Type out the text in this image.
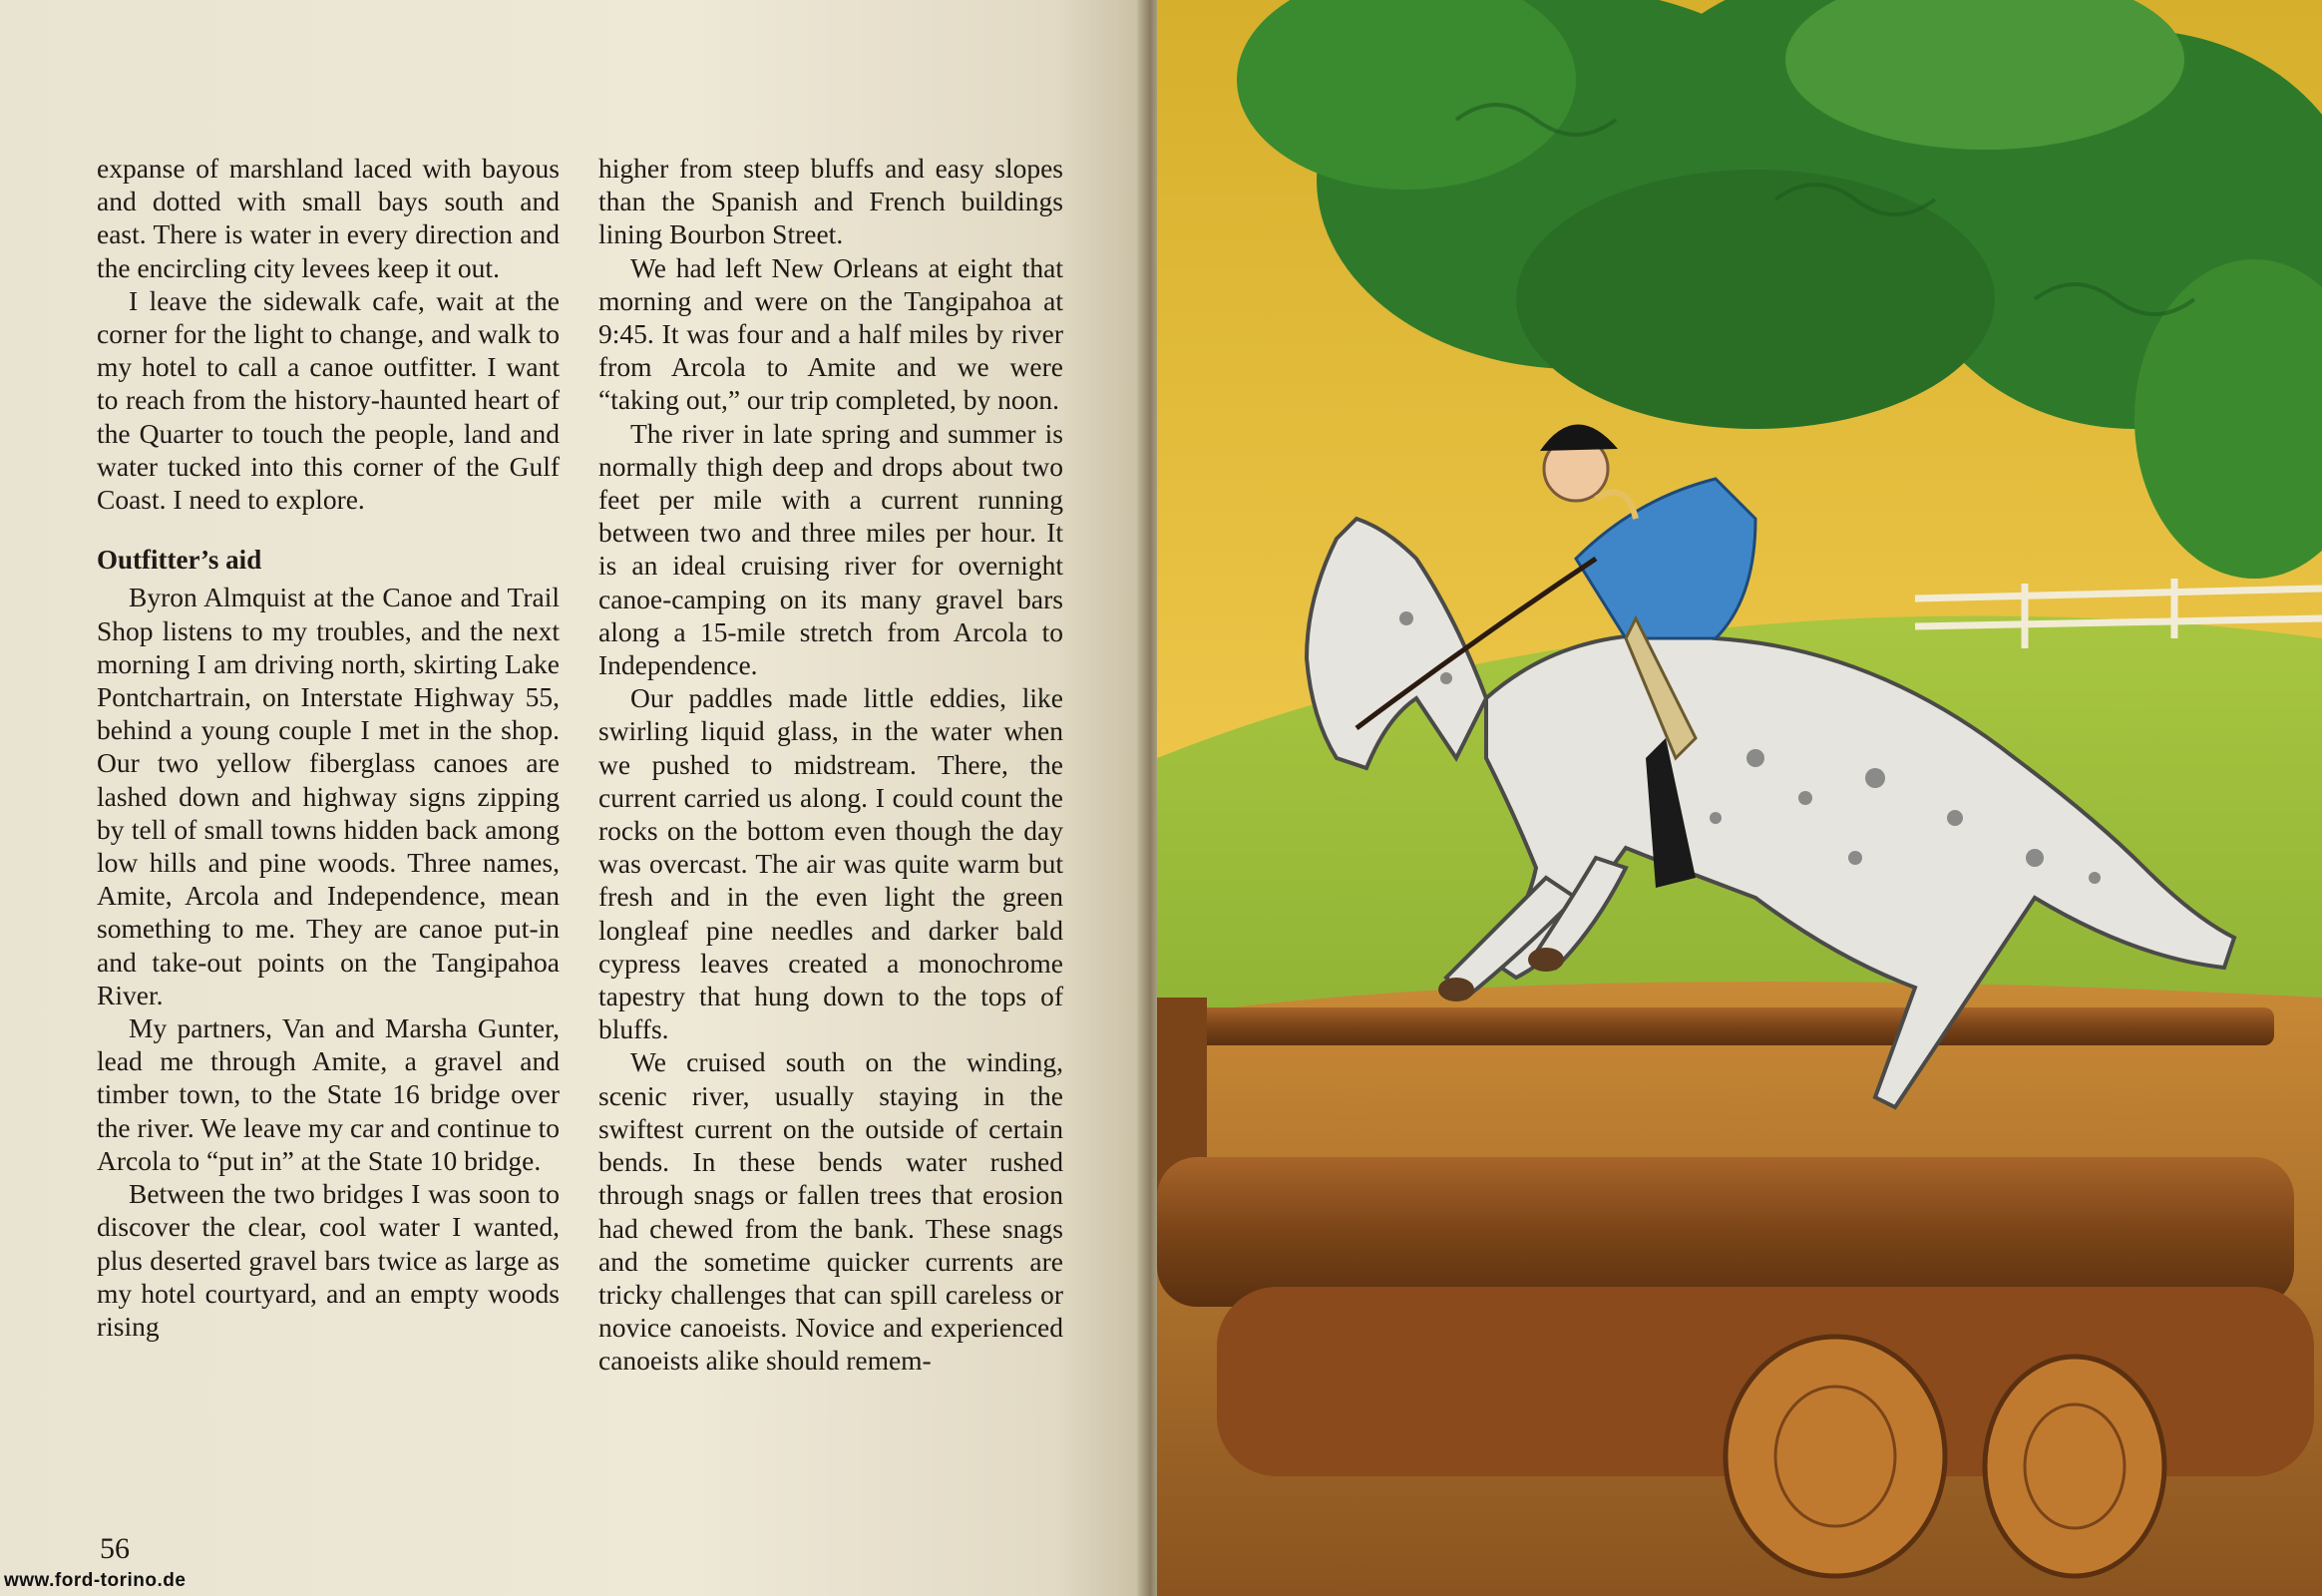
expanse of marshland laced with bayous and dotted with small bays south and east. There is water in every direction and the encircling city levees keep it out.

I leave the sidewalk cafe, wait at the corner for the light to change, and walk to my hotel to call a canoe outfitter. I want to reach from the history-haunted heart of the Quarter to touch the people, land and water tucked into this corner of the Gulf Coast. I need to explore.

Outfitter’s aid

Byron Almquist at the Canoe and Trail Shop listens to my troubles, and the next morning I am driving north, skirting Lake Pontchartrain, on Interstate Highway 55, behind a young couple I met in the shop. Our two yellow fiberglass canoes are lashed down and highway signs zipping by tell of small towns hidden back among low hills and pine woods. Three names, Amite, Arcola and Independence, mean something to me. They are canoe put-in and take-out points on the Tangipahoa River.

My partners, Van and Marsha Gunter, lead me through Amite, a gravel and timber town, to the State 16 bridge over the river. We leave my car and continue to Arcola to “put in” at the State 10 bridge.

Between the two bridges I was soon to discover the clear, cool water I wanted, plus deserted gravel bars twice as large as my hotel courtyard, and an empty woods rising

higher from steep bluffs and easy slopes than the Spanish and French buildings lining Bourbon Street.

We had left New Orleans at eight that morning and were on the Tangipahoa at 9:45. It was four and a half miles by river from Arcola to Amite and we were “taking out,” our trip completed, by noon.

The river in late spring and summer is normally thigh deep and drops about two feet per mile with a current running between two and three miles per hour. It is an ideal cruising river for overnight canoe-camping on its many gravel bars along a 15-mile stretch from Arcola to Independence.

Our paddles made little eddies, like swirling liquid glass, in the water when we pushed to midstream. There, the current carried us along. I could count the rocks on the bottom even though the day was overcast. The air was quite warm but fresh and in the even light the green longleaf pine needles and darker bald cypress leaves created a monochrome tapestry that hung down to the tops of bluffs.

We cruised south on the winding, scenic river, usually staying in the swiftest current on the outside of certain bends. In these bends water rushed through snags or fallen trees that erosion had chewed from the bank. These snags and the sometime quicker currents are tricky challenges that can spill careless or novice canoeists. Novice and experienced canoeists alike should remem-

56
www.ford-torino.de
